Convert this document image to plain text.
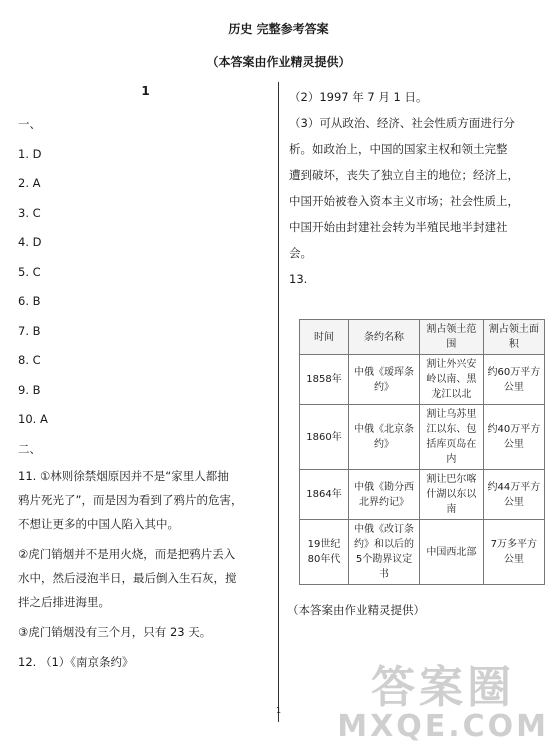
历史 完整参考答案
（本答案由作业精灵提供）
1
一、
1. D
2. A
3. C
4. D
5. C
6. B
7. B
8. C
9. B
10. A
二、
11. ①林则徐禁烟原因并不是“家里人都抽
鸦片死光了”，而是因为看到了鸦片的危害，
不想让更多的中国人陷入其中。
②虎门销烟并不是用火烧，而是把鸦片丢入
水中，然后浸泡半日，最后倒入生石灰，搅
拌之后排进海里。
③虎门销烟没有三个月，只有 23 天。
12. （1）《南京条约》
（2）1997 年 7 月 1 日。
（3）可从政治、经济、社会性质方面进行分
析。如政治上，中国的国家主权和领土完整
遭到破坏，丧失了独立自主的地位；经济上，
中国开始被卷入资本主义市场；社会性质上，
中国开始由封建社会转为半殖民地半封建社
会。
13.
时间	条约名称	割占领土范围	割占领土面积
1858年	中俄《瑷珲条约》	割让外兴安岭以南、黑龙江以北	约60万平方公里
1860年	中俄《北京条约》	割让乌苏里江以东、包括库页岛在内	约40万平方公里
1864年	中俄《勘分西北界约记》	割让巴尔喀什湖以东以南	约44万平方公里
19世纪80年代	中俄《改订条约》和以后的5个勘界议定书	中国西北部	7万多平方公里
（本答案由作业精灵提供）
1	答案圈
MXQE.COM
